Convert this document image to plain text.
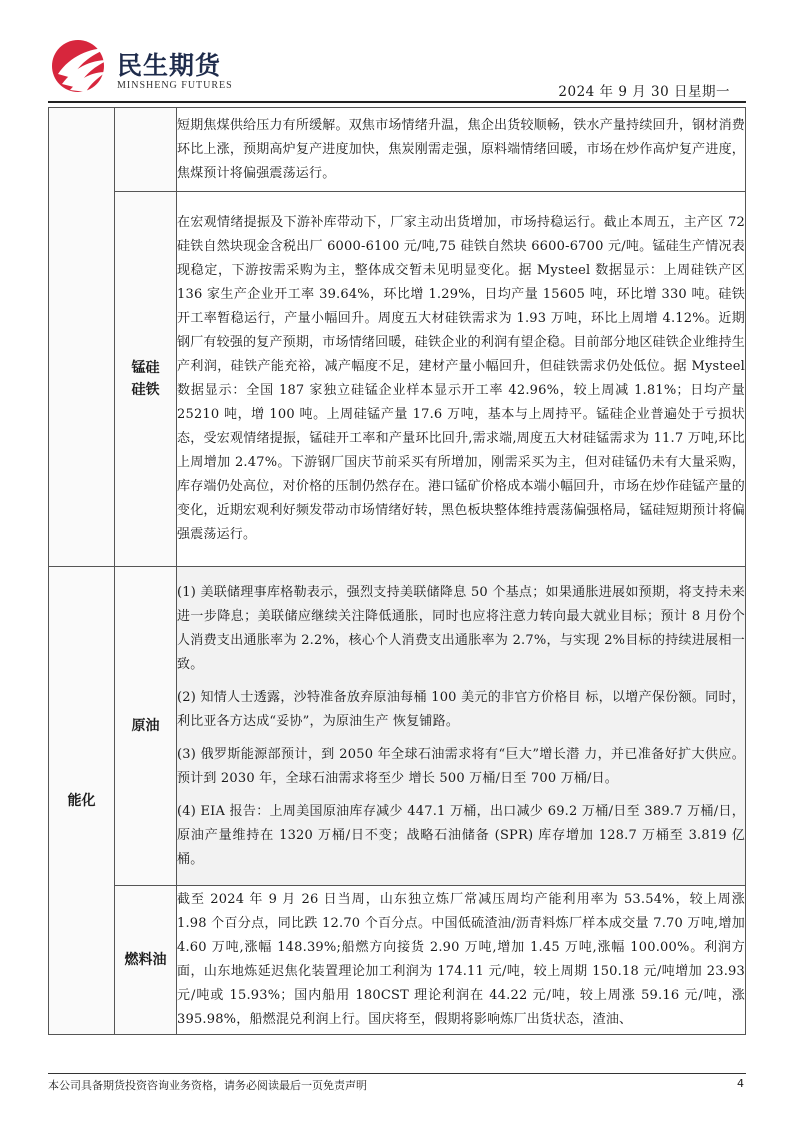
民生期货
MINSHENG FUTURES	2024 年 9 月 30 日星期一

		短期焦煤供给压力有所缓解。双焦市场情绪升温，焦企出货较顺畅，铁水产量持续回升，钢材消费环比上涨，预期高炉复产进度加快，焦炭刚需走强，原料端情绪回暖，市场在炒作高炉复产进度，焦煤预计将偏强震荡运行。

	锰硅
硅铁	在宏观情绪提振及下游补库带动下，厂家主动出货增加，市场持稳运行。截止本周五，主产区 72 硅铁自然块现金含税出厂 6000-6100 元/吨,75 硅铁自然块 6600-6700 元/吨。锰硅生产情况表现稳定，下游按需采购为主，整体成交暂未见明显变化。据 Mysteel 数据显示：上周硅铁产区 136 家生产企业开工率 39.64%，环比增 1.29%，日均产量 15605 吨，环比增 330 吨。硅铁开工率暂稳运行，产量小幅回升。周度五大材硅铁需求为 1.93 万吨，环比上周增 4.12%。近期钢厂有较强的复产预期，市场情绪回暖，硅铁企业的利润有望企稳。目前部分地区硅铁企业维持生产利润，硅铁产能充裕，减产幅度不足，建材产量小幅回升，但硅铁需求仍处低位。据 Mysteel 数据显示：全国 187 家独立硅锰企业样本显示开工率 42.96%，较上周减 1.81%；日均产量 25210 吨，增 100 吨。上周硅锰产量 17.6 万吨，基本与上周持平。锰硅企业普遍处于亏损状态，受宏观情绪提振，锰硅开工率和产量环比回升,需求端,周度五大材硅锰需求为 11.7 万吨,环比上周增加 2.47%。下游钢厂国庆节前采买有所增加，刚需采买为主，但对硅锰仍未有大量采购，库存端仍处高位，对价格的压制仍然存在。港口锰矿价格成本端小幅回升，市场在炒作硅锰产量的变化，近期宏观利好频发带动市场情绪好转，黑色板块整体维持震荡偏强格局，锰硅短期预计将偏强震荡运行。

能化	原油	(1) 美联储理事库格勒表示，强烈支持美联储降息 50 个基点；如果通胀进展如预期，将支持未来进一步降息；美联储应继续关注降低通胀，同时也应将注意力转向最大就业目标；预计 8 月份个人消费支出通胀率为 2.2%，核心个人消费支出通胀率为 2.7%，与实现 2%目标的持续进展相一致。

(2) 知情人士透露，沙特准备放弃原油每桶 100 美元的非官方价格目 标，以增产保份额。同时，利比亚各方达成“妥协”，为原油生产 恢复铺路。

(3) 俄罗斯能源部预计，到 2050 年全球石油需求将有“巨大”增长潜 力，并已准备好扩大供应。预计到 2030 年，全球石油需求将至少 增长 500 万桶/日至 700 万桶/日。

(4) EIA 报告：上周美国原油库存减少 447.1 万桶，出口减少 69.2 万桶/日至 389.7 万桶/日，原油产量维持在 1320 万桶/日不变；战略石油储备 (SPR) 库存增加 128.7 万桶至 3.819 亿桶。

	燃料油	截至 2024 年 9 月 26 日当周，山东独立炼厂常减压周均产能利用率为 53.54%，较上周涨 1.98 个百分点，同比跌 12.70 个百分点。中国低硫渣油/沥青料炼厂样本成交量 7.70 万吨,增加 4.60 万吨,涨幅 148.39%;船燃方向接货 2.90 万吨,增加 1.45 万吨,涨幅 100.00%。利润方面，山东地炼延迟焦化装置理论加工利润为 174.11 元/吨，较上周期 150.18 元/吨增加 23.93 元/吨或 15.93%；国内船用 180CST 理论利润在 44.22 元/吨，较上周涨 59.16 元/吨，涨 395.98%，船燃混兑利润上行。国庆将至，假期将影响炼厂出货状态，渣油、

本公司具备期货投资咨询业务资格，请务必阅读最后一页免责声明	4
